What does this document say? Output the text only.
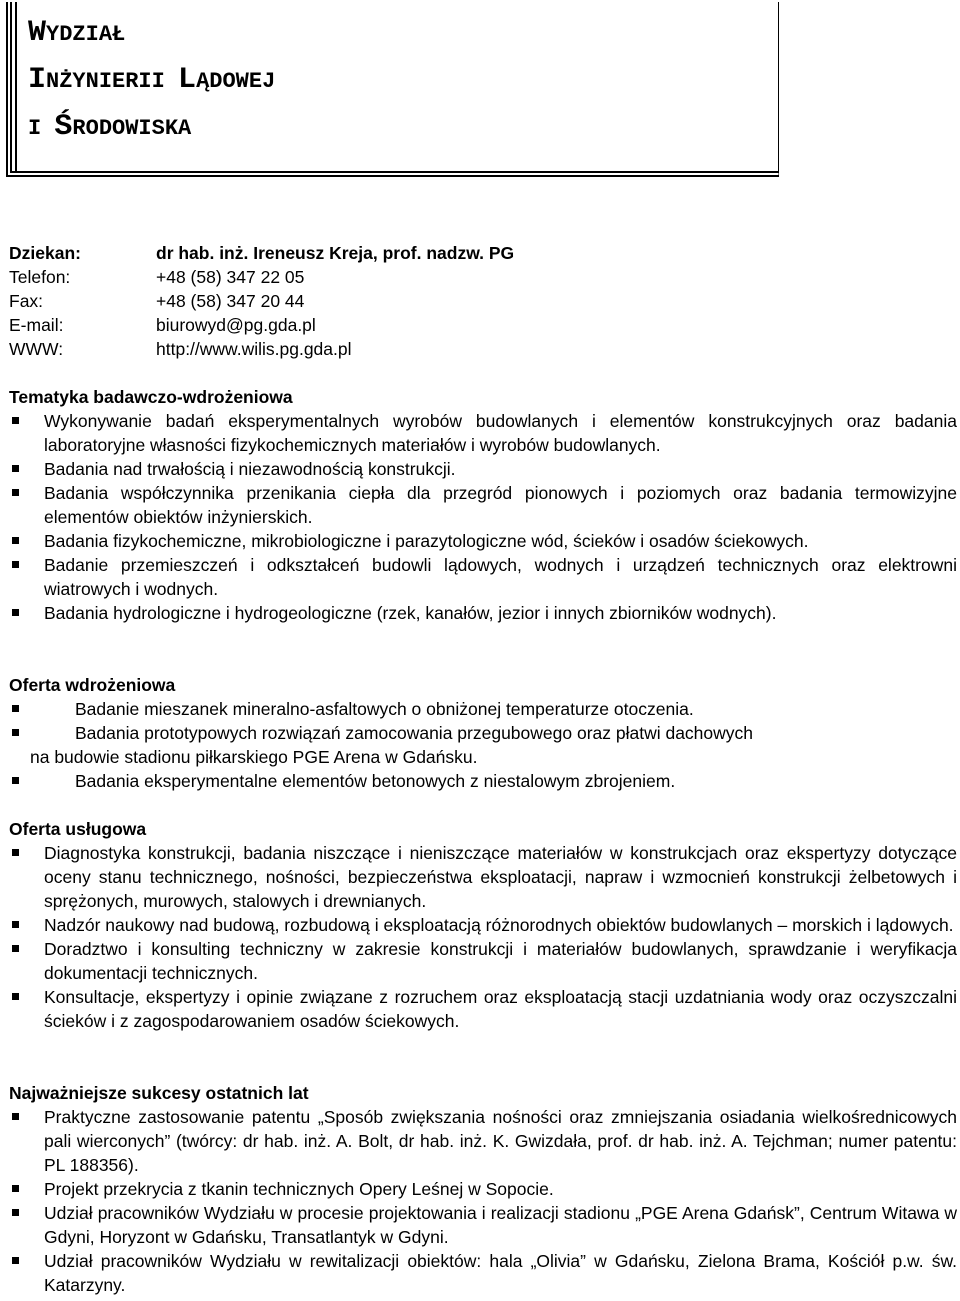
WYDZIAŁ
INŻYNIERII LĄDOWEJ
I ŚRODOWISKA
Dziekan:	dr hab. inż. Ireneusz Kreja, prof. nadzw. PG
Telefon:	+48 (58) 347 22 05
Fax:	+48 (58) 347 20 44
E-mail:	biurowyd@pg.gda.pl
WWW:	http://www.wilis.pg.gda.pl
Tematyka badawczo-wdrożeniowa
Wykonywanie badań eksperymentalnych wyrobów budowlanych i elementów konstrukcyjnych oraz badania laboratoryjne własności fizykochemicznych materiałów i wyrobów budowlanych.
Badania nad trwałością i niezawodnością konstrukcji.
Badania współczynnika przenikania ciepła dla przegród pionowych i poziomych oraz badania termowizyjne elementów obiektów inżynierskich.
Badania fizykochemiczne, mikrobiologiczne i parazytologiczne wód, ścieków i osadów ściekowych.
Badanie przemieszczeń i odkształceń budowli lądowych, wodnych i urządzeń technicznych oraz elektrowni wiatrowych i wodnych.
Badania hydrologiczne i hydrogeologiczne (rzek, kanałów, jezior i innych zbiorników wodnych).
Oferta wdrożeniowa
Badanie mieszanek mineralno-asfaltowych o obniżonej temperaturze otoczenia.
Badania prototypowych rozwiązań zamocowania przegubowego oraz płatwi dachowych
na budowie stadionu piłkarskiego PGE Arena w Gdańsku.
Badania eksperymentalne elementów betonowych z niestalowym zbrojeniem.
Oferta usługowa
Diagnostyka konstrukcji, badania niszczące i nieniszczące materiałów w konstrukcjach oraz ekspertyzy dotyczące oceny stanu technicznego, nośności, bezpieczeństwa eksploatacji, napraw i wzmocnień konstrukcji żelbetowych i sprężonych, murowych, stalowych i drewnianych.
Nadzór naukowy nad budową, rozbudową i eksploatacją różnorodnych obiektów budowlanych – morskich i lądowych.
Doradztwo i konsulting techniczny w zakresie konstrukcji i materiałów budowlanych, sprawdzanie i weryfikacja dokumentacji technicznych.
Konsultacje, ekspertyzy i opinie związane z rozruchem oraz eksploatacją stacji uzdatniania wody oraz oczyszczalni ścieków i z zagospodarowaniem osadów ściekowych.
Najważniejsze sukcesy ostatnich lat
Praktyczne zastosowanie patentu „Sposób zwiększania nośności oraz zmniejszania osiadania wielkośrednicowych pali wierconych” (twórcy: dr hab. inż. A. Bolt, dr hab. inż. K. Gwizdała, prof. dr hab. inż. A. Tejchman; numer patentu: PL 188356).
Projekt przekrycia z tkanin technicznych Opery Leśnej w Sopocie.
Udział pracowników Wydziału w procesie projektowania i realizacji stadionu „PGE Arena Gdańsk”, Centrum Witawa w Gdyni, Horyzont w Gdańsku, Transatlantyk w Gdyni.
Udział pracowników Wydziału w rewitalizacji obiektów: hala „Olivia” w Gdańsku, Zielona Brama, Kościół p.w. św. Katarzyny.
